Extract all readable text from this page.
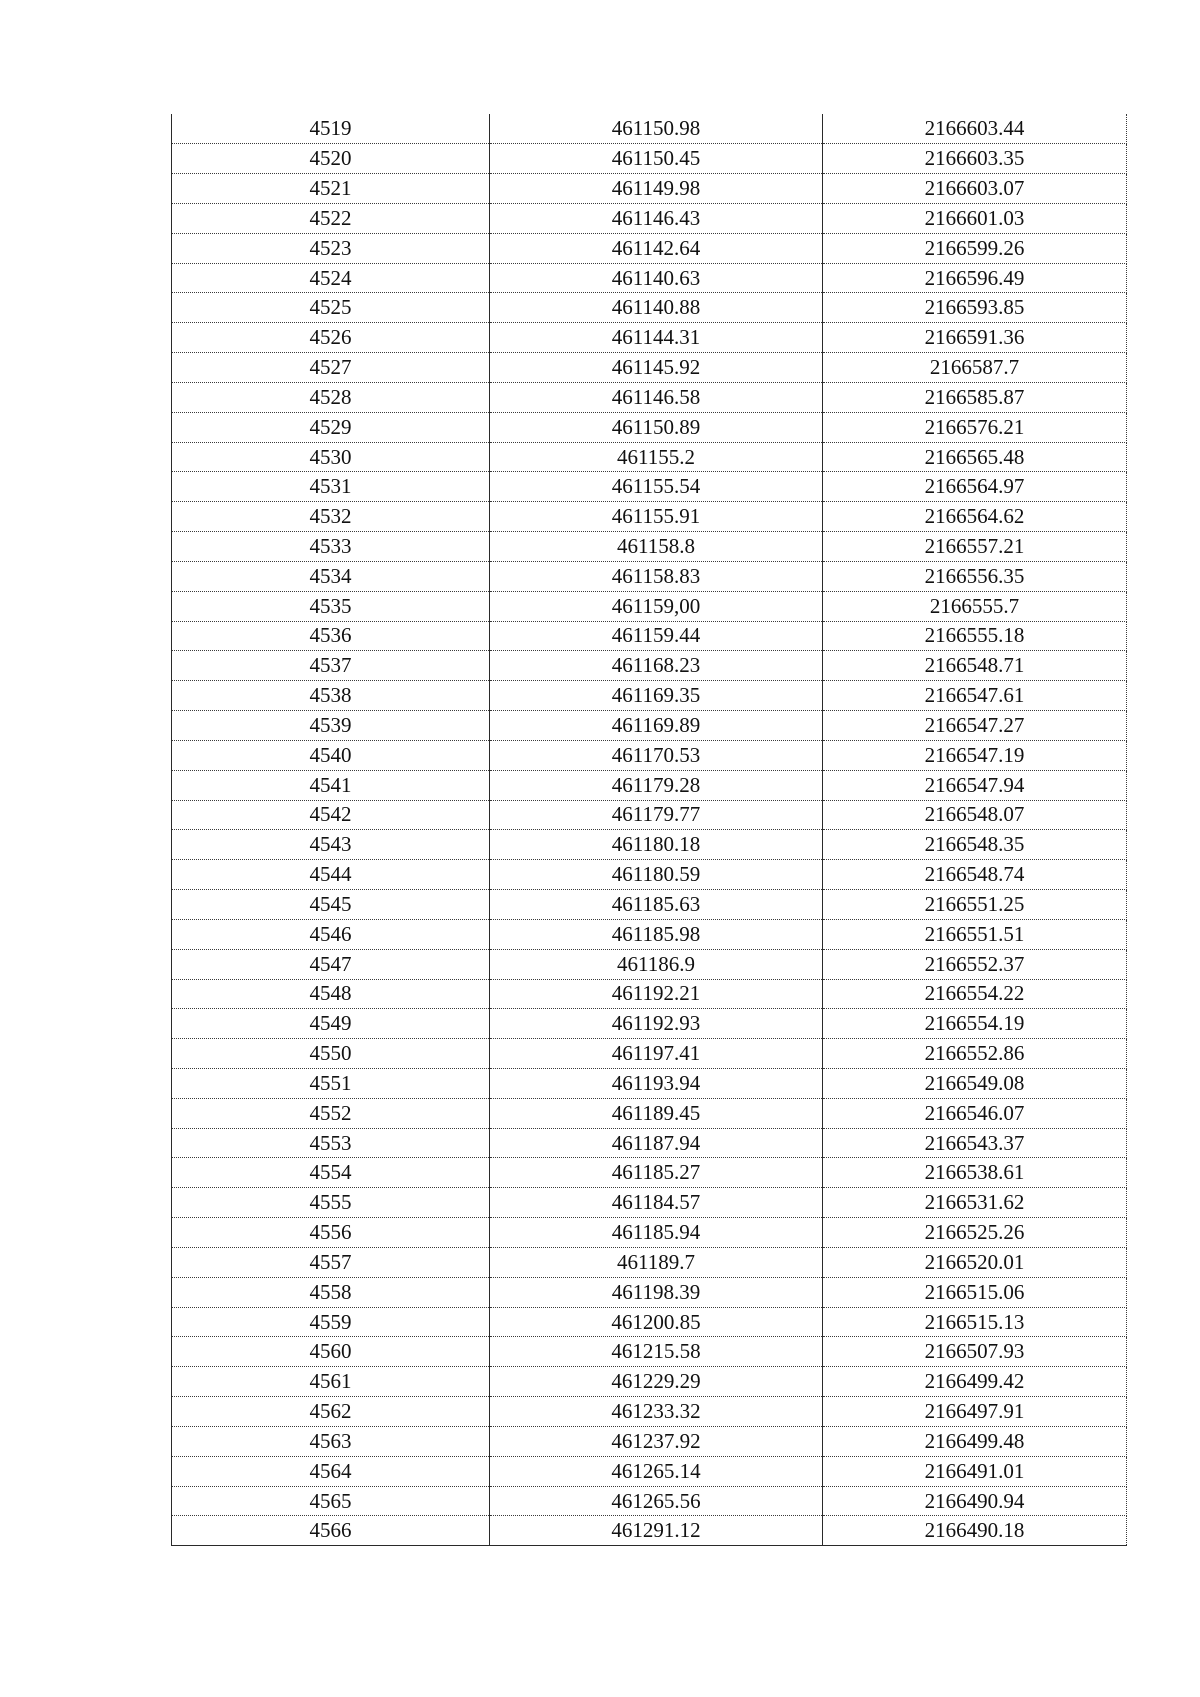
4519	461150.98	2166603.44
4520	461150.45	2166603.35
4521	461149.98	2166603.07
4522	461146.43	2166601.03
4523	461142.64	2166599.26
4524	461140.63	2166596.49
4525	461140.88	2166593.85
4526	461144.31	2166591.36
4527	461145.92	2166587.7
4528	461146.58	2166585.87
4529	461150.89	2166576.21
4530	461155.2	2166565.48
4531	461155.54	2166564.97
4532	461155.91	2166564.62
4533	461158.8	2166557.21
4534	461158.83	2166556.35
4535	461159,00	2166555.7
4536	461159.44	2166555.18
4537	461168.23	2166548.71
4538	461169.35	2166547.61
4539	461169.89	2166547.27
4540	461170.53	2166547.19
4541	461179.28	2166547.94
4542	461179.77	2166548.07
4543	461180.18	2166548.35
4544	461180.59	2166548.74
4545	461185.63	2166551.25
4546	461185.98	2166551.51
4547	461186.9	2166552.37
4548	461192.21	2166554.22
4549	461192.93	2166554.19
4550	461197.41	2166552.86
4551	461193.94	2166549.08
4552	461189.45	2166546.07
4553	461187.94	2166543.37
4554	461185.27	2166538.61
4555	461184.57	2166531.62
4556	461185.94	2166525.26
4557	461189.7	2166520.01
4558	461198.39	2166515.06
4559	461200.85	2166515.13
4560	461215.58	2166507.93
4561	461229.29	2166499.42
4562	461233.32	2166497.91
4563	461237.92	2166499.48
4564	461265.14	2166491.01
4565	461265.56	2166490.94
4566	461291.12	2166490.18
